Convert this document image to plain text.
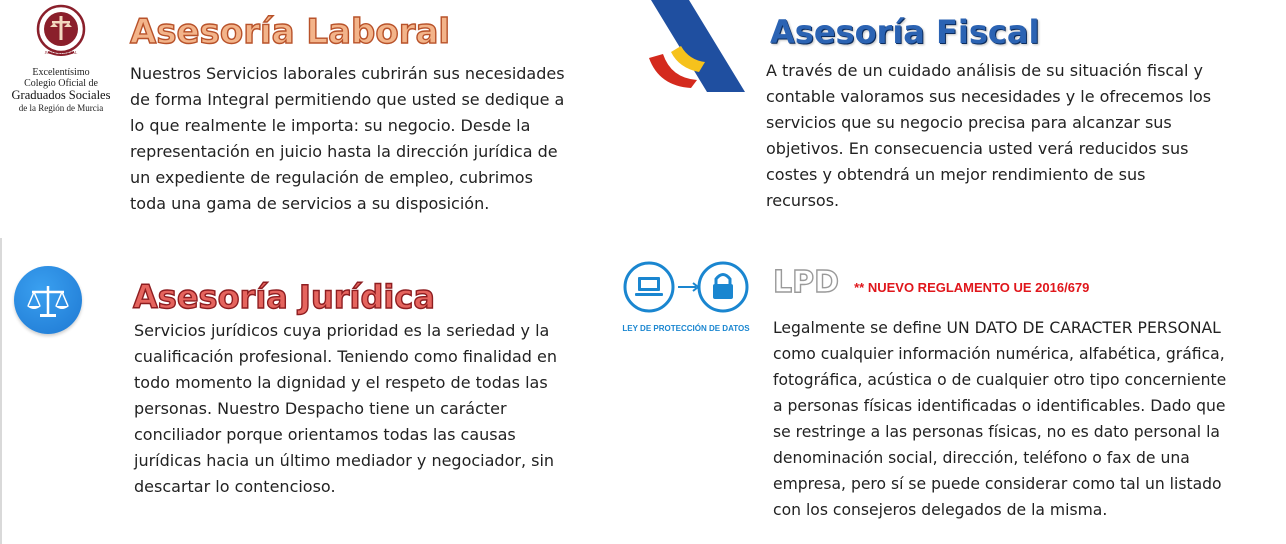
JUSTICIA SOCIAL
Excelentísimo
Colegio Oficial de
Graduados Sociales
de la Región de Murcia
Asesoría Laboral
Nuestros Servicios laborales cubrirán sus necesidades
de forma Integral permitiendo que usted se dedique a
lo que realmente le importa: su negocio. Desde la
representación en juicio hasta la dirección jurídica de
un expediente de regulación de empleo, cubrimos
toda una gama de servicios a su disposición.
Asesoría Fiscal
A través de un cuidado análisis de su situación fiscal y
contable valoramos sus necesidades y le ofrecemos los
servicios que su negocio precisa para alcanzar sus
objetivos. En consecuencia usted verá reducidos sus
costes y obtendrá un mejor rendimiento de sus
recursos.
Asesoría Jurídica
Servicios jurídicos cuya prioridad es la seriedad y la
cualificación profesional. Teniendo como finalidad en
todo momento la dignidad y el respeto de todas las
personas. Nuestro Despacho tiene un carácter
conciliador porque orientamos todas las causas
jurídicas hacia un último mediador y negociador, sin
descartar lo contencioso.
LEY DE PROTECCIÓN DE DATOS
LPD ** NUEVO REGLAMENTO UE 2016/679
Legalmente se define UN DATO DE CARACTER PERSONAL
como cualquier información numérica, alfabética, gráfica,
fotográfica, acústica o de cualquier otro tipo concerniente
a personas físicas identificadas o identificables. Dado que
se restringe a las personas físicas, no es dato personal la
denominación social, dirección, teléfono o fax de una
empresa, pero sí se puede considerar como tal un listado
con los consejeros delegados de la misma.
